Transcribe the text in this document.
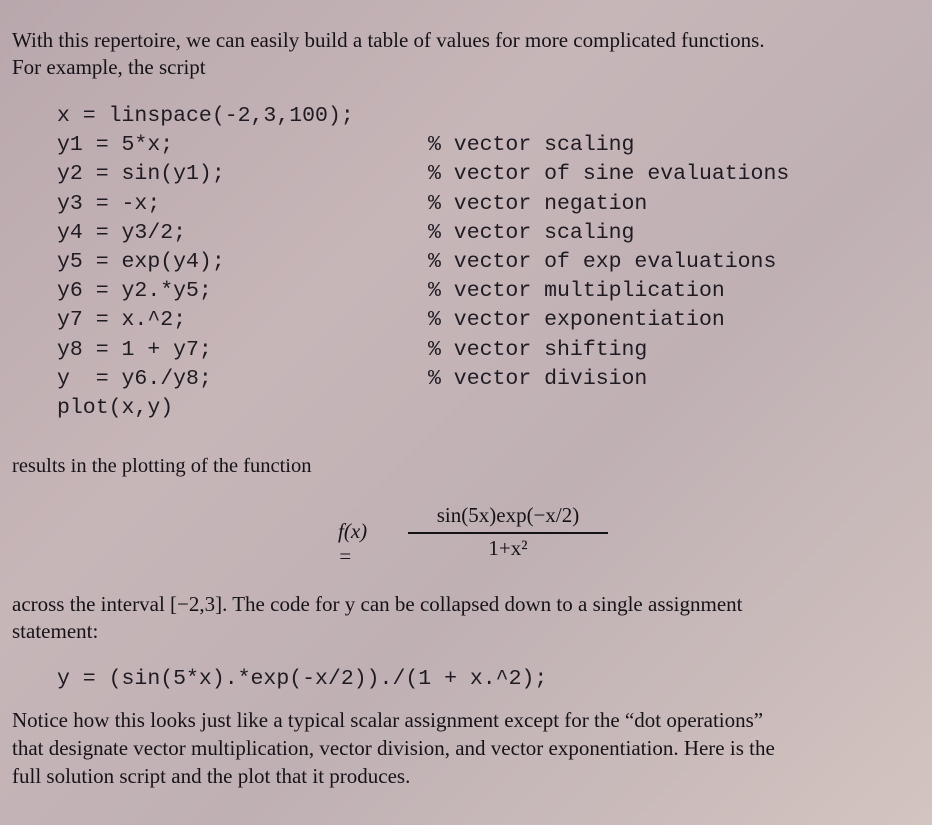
With this repertoire, we can easily build a table of values for more complicated functions.

For example, the script

x = linspace(-2,3,100);
y1 = 5*x;	% vector scaling
y2 = sin(y1);	% vector of sine evaluations
y3 = -x;	% vector negation
y4 = y3/2;	% vector scaling
y5 = exp(y4);	% vector of exp evaluations
y6 = y2.*y5;	% vector multiplication
y7 = x.^2;	% vector exponentiation
y8 = 1 + y7;	% vector shifting
y  = y6./y8;	% vector division
plot(x,y)

results in the plotting of the function

f(x) =
sin(5x)exp(−x/2)
1+x²

across the interval [−2,3]. The code for y can be collapsed down to a single assignment

statement:

y = (sin(5*x).*exp(-x/2))./(1 + x.^2);

Notice how this looks just like a typical scalar assignment except for the “dot operations”

that designate vector multiplication, vector division, and vector exponentiation. Here is the

full solution script and the plot that it produces.
